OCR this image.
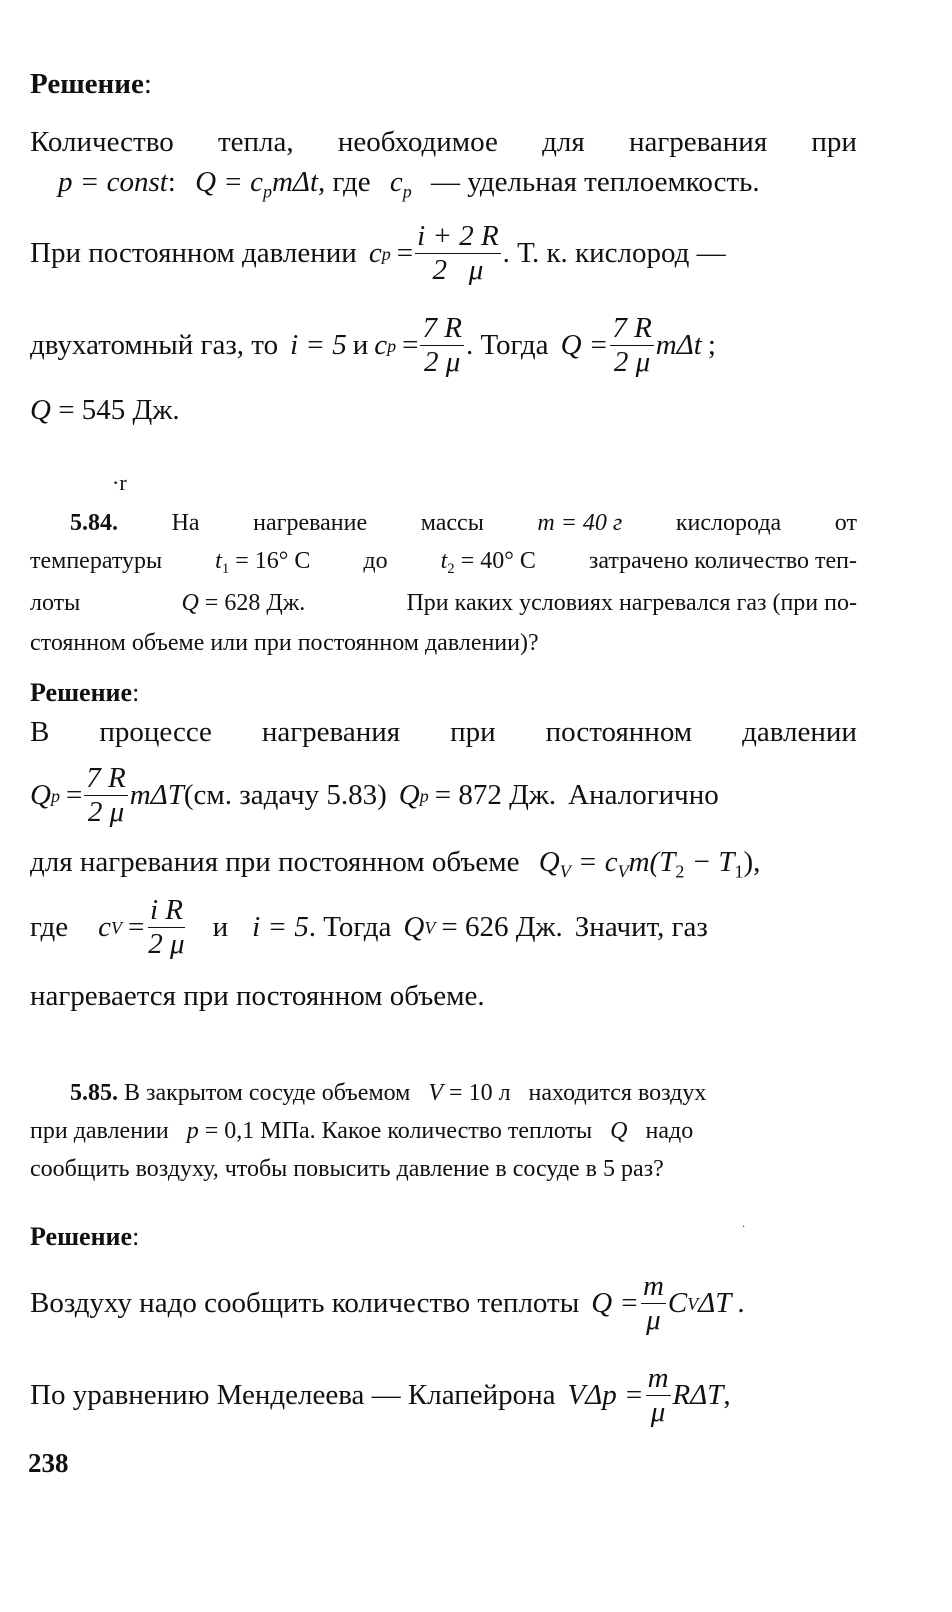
Решение:
Количество тепла, необходимое для нагревания при
p = const: $Q = c_pm\Delta t$, где $c_p$ — удельная теплоемкость.
При постоянном давлении c $p = \frac{i + 2 R}{2 \mu}$ . Т. к. кислород —
двухатомный газ, то i = 5 и c $p = \frac{7 R}{2 \mu}$ . Тогда $Q = \frac{7 R}{2 \mu}$ mΔt ;
Q = 545 Дж.
·r
5.84. На нагревание массы m = 40 г кислорода от
температуры $t_1 = 16^\circ$ С до $t_2 = 40^\circ$ С затрачено количество теп-
лоты	Q = 628 Дж.	При каких условиях нагревался газ (при по-
стоянном объеме или при постоянном давлении)?
Решение:
В процессе нагревания при постоянном давлении
Q $p = \frac{7 R}{2 \mu}$ mΔT (см. задачу 5.83) Q p = 872 Дж. Аналогично
для нагревания при постоянном объеме $Q_V = c_Vm(T_2 - T_1)$,
где c $V = \frac{\text{i R}}{2 \mu}$ и i = 5 . Тогда Q V = 626 Дж. Значит, газ
нагревается при постоянном объеме.
5.85. В закрытом сосуде объемом V = 10 л находится воздух
при давлении p = 0,1 МПа. Какое количество теплоты Q надо
сообщить воздуху, чтобы повысить давление в сосуде в 5 раз?
·
Решение:
Воздуху надо сообщить количество теплоты $Q = \frac{m}{\mu}$ C V ΔT .
По уравнению Менделеева — Клапейрона $V\Delta p = \frac{m}{\mu}$ RΔT ,
238
